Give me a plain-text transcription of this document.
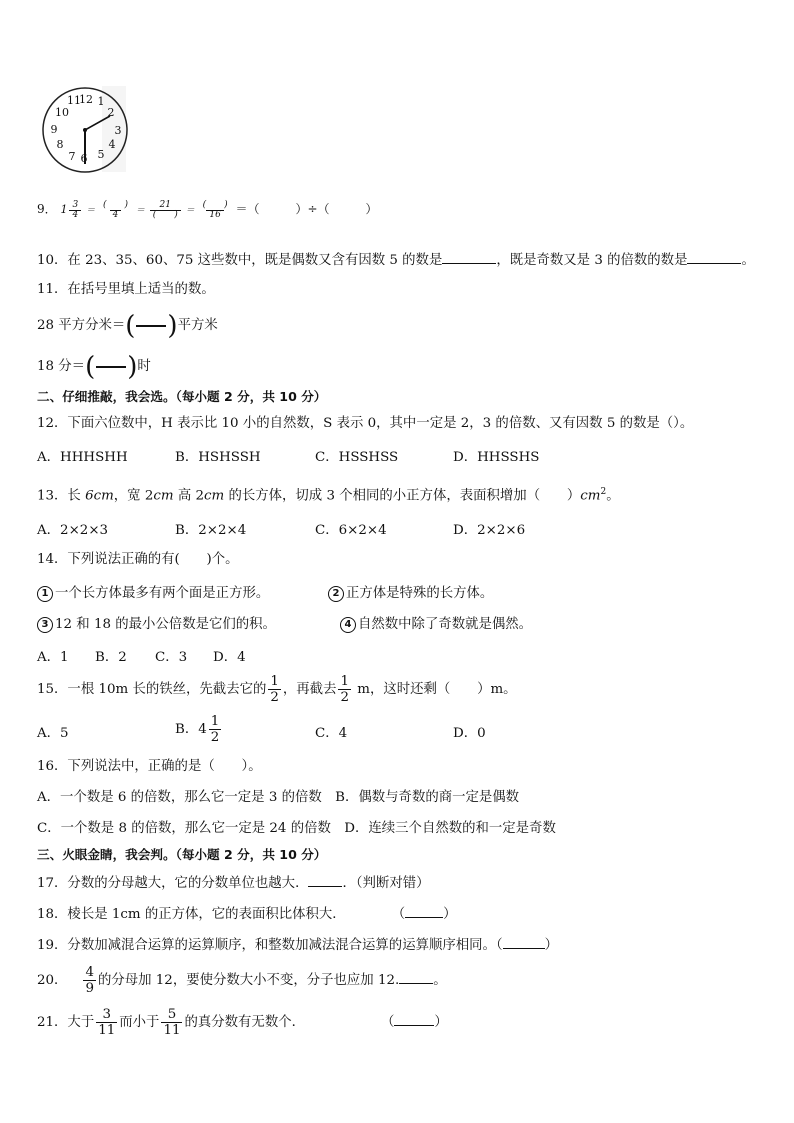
12 1
2
3
4
5
6
7
8
9
10
11
9． $1 \frac{3}{4} = \frac{( )}{4} = \frac{21}{( )} = \frac{( )}{16}$ ＝（　　　）÷（　　　）
10．在 23、35、60、75 这些数中，既是偶数又含有因数 5 的数是	，既是奇数又是 3 的倍数的数是	。
11．在括号里填上适当的数。
28 平方分米＝ ( ) 平方米
18 分＝ ( ) 时
二、仔细推敲，我会选。（每小题 2 分，共 10 分）
12．下面六位数中，H 表示比 10 小的自然数，S 表示 0，其中一定是 2，3 的倍数、又有因数 5 的数是（）。
A．HHHSHH	B．HSHSSH	C．HSSHSS	D．HHSSHS
13．长 6cm，宽 2cm 高 2cm 的长方体，切成 3 个相同的小正方体，表面积增加（　　）$cm^2$。
A．2×2×3	B．2×2×4	C．6×2×4	D．2×2×6
14．下列说法正确的有(　　)个。
1 一个长方体最多有两个面是正方形。	2 正方体是特殊的长方体。
3 12 和 18 的最小公倍数是它们的积。	4 自然数中除了奇数就是偶然。
A．1 B．2 C．3 D．4
15．一根 10m 长的铁丝，先截去它的 $\frac{1}{2}$ ，再截去 $\frac{1}{2}$ m，这时还剩（　　）m。
A．5	B．$4 \frac{1}{2}$	C．4	D．0
16．下列说法中，正确的是（　　）。
A．一个数是 6 的倍数，那么它一定是 3 的倍数　B．偶数与奇数的商一定是偶数
C．一个数是 8 的倍数，那么它一定是 24 的倍数　D．连续三个自然数的和一定是奇数
三、火眼金睛，我会判。（每小题 2 分，共 10 分）
17．分数的分母越大，它的分数单位也越大．	．（判断对错）
18．棱长是 1cm 的正方体，它的表面积比体积大．	（	）
19．分数加减混合运算的运算顺序，和整数加减法混合运算的运算顺序相同。（	）
20． $\frac{4}{9}$ 的分母加 12，要使分数大小不变，分子也应加 12.	。
21．大于 $\frac{3}{11}$ 而小于 $\frac{5}{11}$ 的真分数有无数个．	（	）
